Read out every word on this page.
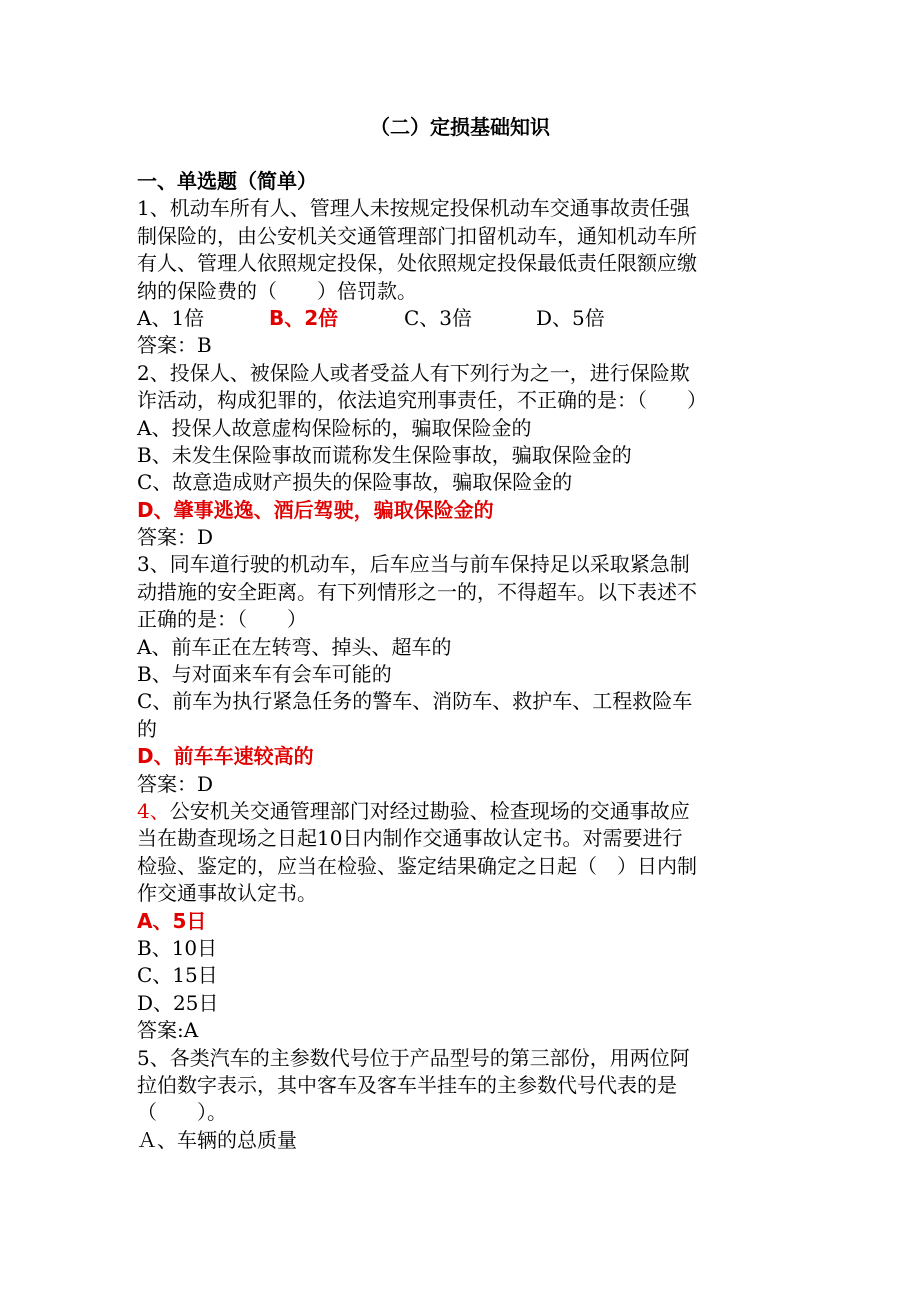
（二）定损基础知识
一、单选题（简单）
1、机动车所有人、管理人未按规定投保机动车交通事故责任强
制保险的，由公安机关交通管理部门扣留机动车，通知机动车所
有人、管理人依照规定投保，处依照规定投保最低责任限额应缴
纳的保险费的（　　）倍罚款。
A、1倍	B、2倍	C、3倍	D、5倍
答案：B
2、投保人、被保险人或者受益人有下列行为之一，进行保险欺
诈活动，构成犯罪的，依法追究刑事责任，不正确的是：（　　）
A、投保人故意虚构保险标的，骗取保险金的
B、未发生保险事故而谎称发生保险事故，骗取保险金的
C、故意造成财产损失的保险事故，骗取保险金的
D、肇事逃逸、酒后驾驶，骗取保险金的
答案：D
3、同车道行驶的机动车，后车应当与前车保持足以采取紧急制
动措施的安全距离。有下列情形之一的，不得超车。以下表述不
正确的是：（　　）
A、前车正在左转弯、掉头、超车的
B、与对面来车有会车可能的
C、前车为执行紧急任务的警车、消防车、救护车、工程救险车
的
D、前车车速较高的
答案：D
4、公安机关交通管理部门对经过勘验、检查现场的交通事故应
当在勘查现场之日起10日内制作交通事故认定书。对需要进行
检验、鉴定的，应当在检验、鉴定结果确定之日起（　）日内制
作交通事故认定书。
A、5日
B、10日
C、15日
D、25日
答案:A
5、各类汽车的主参数代号位于产品型号的第三部份，用两位阿
拉伯数字表示，其中客车及客车半挂车的主参数代号代表的是
（　　）。
Ａ、车辆的总质量
